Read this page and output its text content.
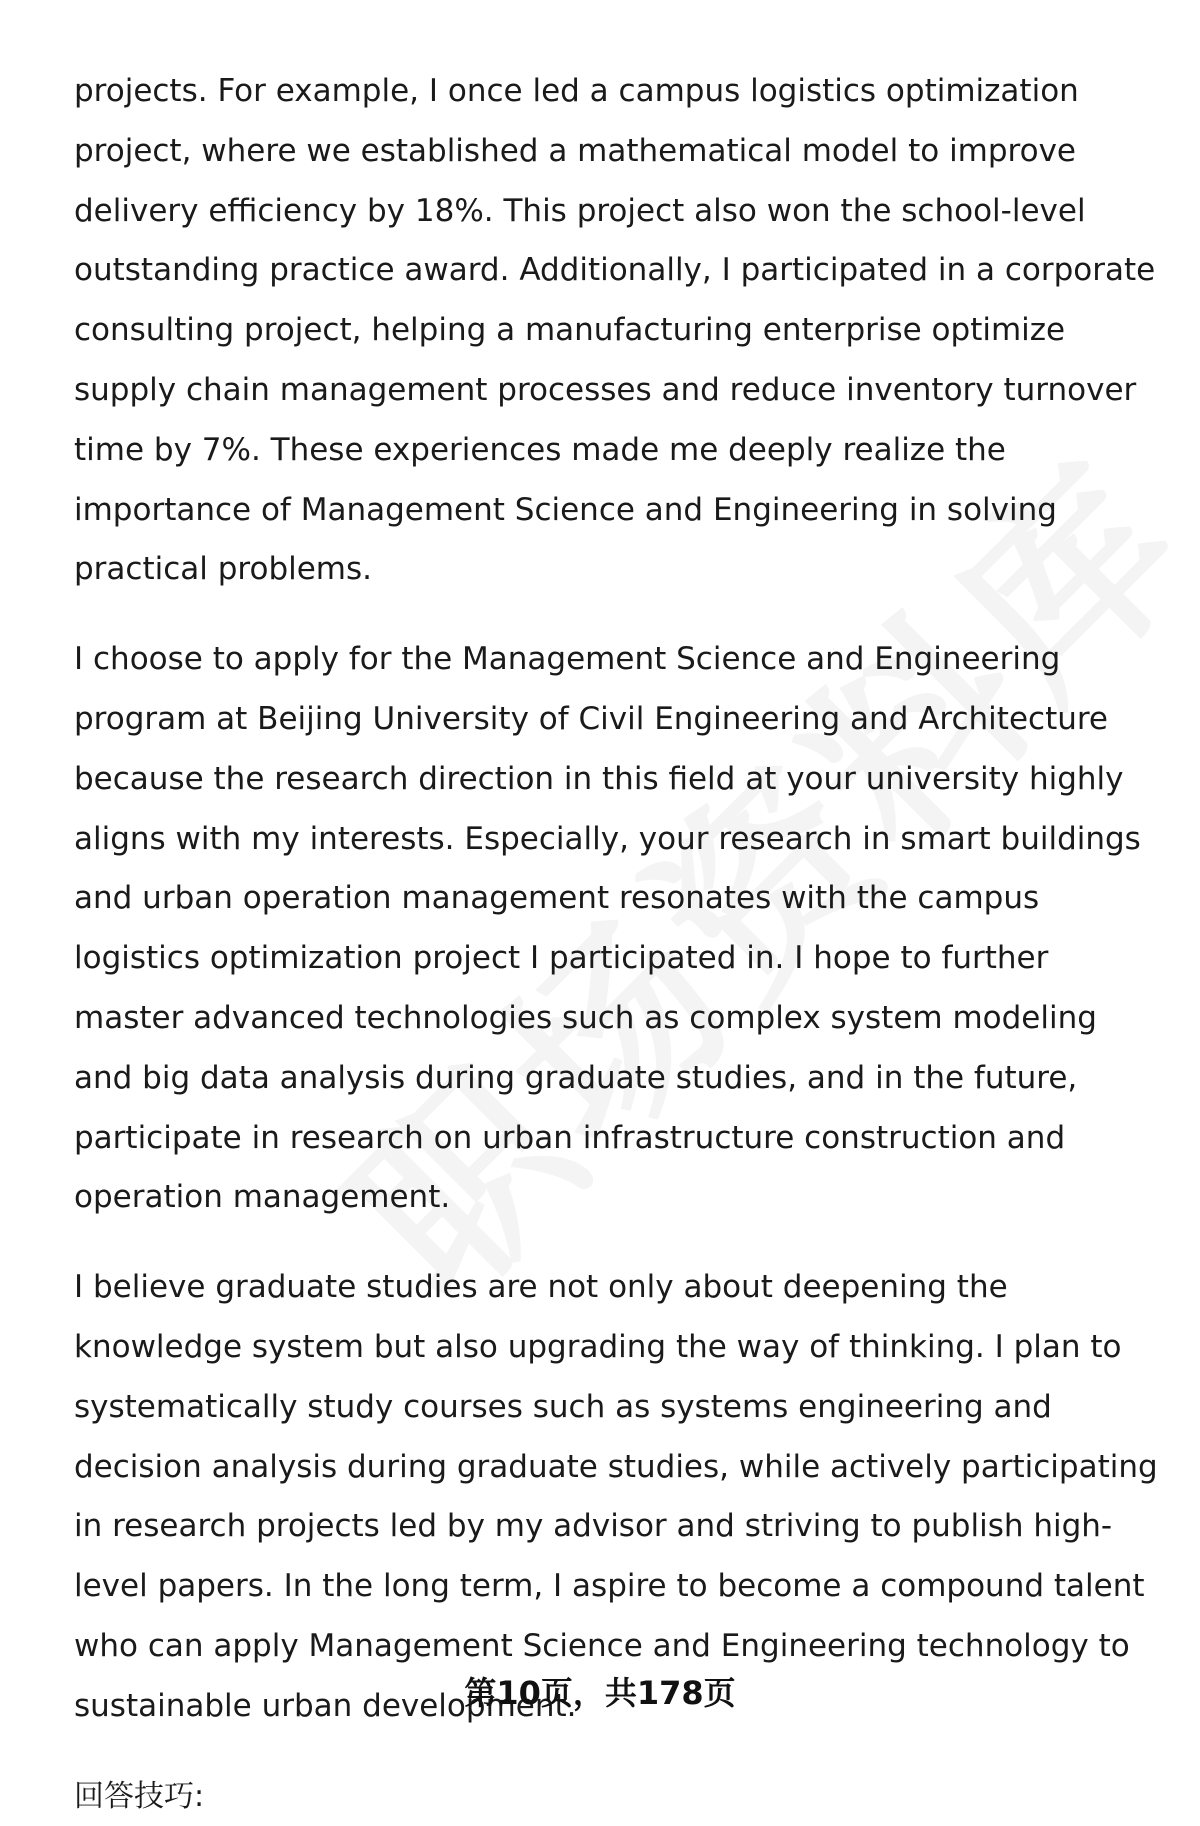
projects. For example, I once led a campus logistics optimization project, where we established a mathematical model to improve delivery efficiency by 18%. This project also won the school-level outstanding practice award. Additionally, I participated in a corporate consulting project, helping a manufacturing enterprise optimize supply chain management processes and reduce inventory turnover time by 7%. These experiences made me deeply realize the importance of Management Science and Engineering in solving practical problems.

I choose to apply for the Management Science and Engineering program at Beijing University of Civil Engineering and Architecture because the research direction in this field at your university highly aligns with my interests. Especially, your research in smart buildings and urban operation management resonates with the campus logistics optimization project I participated in. I hope to further master advanced technologies such as complex system modeling and big data analysis during graduate studies, and in the future, participate in research on urban infrastructure construction and operation management.

I believe graduate studies are not only about deepening the knowledge system but also upgrading the way of thinking. I plan to systematically study courses such as systems engineering and decision analysis during graduate studies, while actively participating in research projects led by my advisor and striving to publish high-level papers. In the long term, I aspire to become a compound talent who can apply Management Science and Engineering technology to sustainable urban development.

回答技巧:

第10页，共178页
